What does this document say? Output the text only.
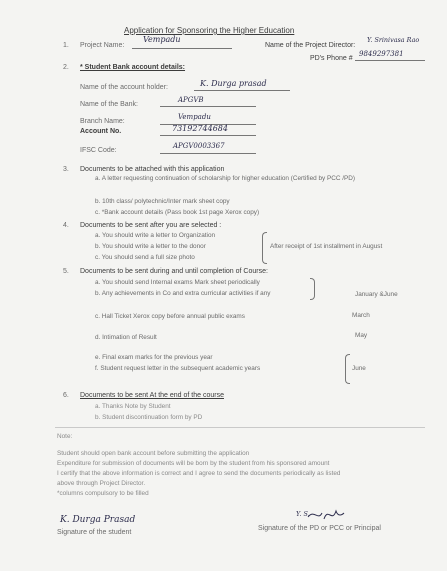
Application for Sponsoring the Higher Education
1. Project Name:
Vempadu
Name of the Project Director:
Y. Srinivasa Rao
PD's Phone #
9849297381
2. * Student Bank account details:
Name of the account holder:	K. Durga prasad
Name of the Bank:
APGVB
Branch Name:
Vempadu
Account No.	73192744684
IFSC Code:
APGV0003367
3. Documents to be attached with this application
a. A letter requesting continuation of scholarship for higher education (Certified by PCC /PD)
b. 10th class/ polytechnic/Inter mark sheet copy
c. *Bank account details (Pass book 1st page Xerox copy)
4. Documents to be sent after you are selected :
a. You should write a letter to Organization
b. You should write a letter to the donor
c. You should send a full size photo
After receipt of 1st installment in August
5. Documents to be sent during and until completion of Course:
a. You should send Internal exams Mark sheet periodically
b. Any achievements in Co and extra curricular activities if any	January &June
c. Hall Ticket Xerox copy before annual public exams	March
d. Intimation of Result	May
e. Final exam marks for the previous year
f. Student request letter in the subsequent academic years	June
6. Documents to be sent At the end of the course
a. Thanks Note by Student
b. Student discontinuation form by PD
Note:
Student should open bank account before submitting the application
Expenditure for submission of documents will be born by the student from his sponsored amount
I certify that the above information is correct and I agree to send the documents periodically as listed
above through Project Director.
*columns compulsory to be filled
K. Durga Prasad
Signature of the student
Y. S.
Signature of the PD or PCC or Principal
